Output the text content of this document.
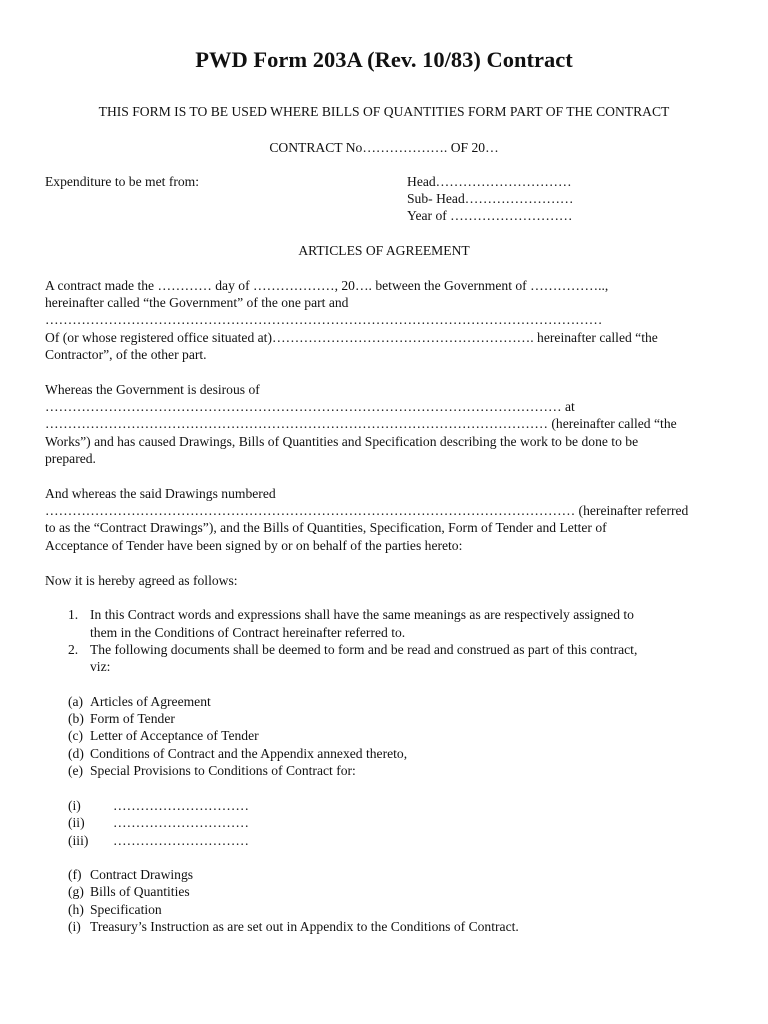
PWD Form 203A (Rev. 10/83) Contract
THIS FORM IS TO BE USED WHERE BILLS OF QUANTITIES FORM PART OF THE CONTRACT
CONTRACT No………………. OF 20…
Expenditure to be met from:	Head…………………………
Sub- Head……………………
Year of ………………………
ARTICLES OF AGREEMENT
A contract made the ………… day of ………………, 20…. between the Government of ……………..,
hereinafter called “the Government” of the one part and
……………………………………………………………………………………………………………
Of (or whose registered office situated at)…………………………………………………. hereinafter called “the
Contractor”, of the other part.
Whereas the Government is desirous of
…………………………………………………………………………………………………… at
………………………………………………………………………………………………… (hereinafter called “the
Works”) and has caused Drawings, Bills of Quantities and Specification describing the work to be done to be
prepared.
And whereas the said Drawings numbered
……………………………………………………………………………………………………… (hereinafter referred
to as the “Contract Drawings”), and the Bills of Quantities, Specification, Form of Tender and Letter of
Acceptance of Tender have been signed by or on behalf of the parties hereto:
Now it is hereby agreed as follows:
1. In this Contract words and expressions shall have the same meanings as are respectively assigned to
them in the Conditions of Contract hereinafter referred to.
2. The following documents shall be deemed to form and be read and construed as part of this contract,
viz:
(a) Articles of Agreement
(b) Form of Tender
(c) Letter of Acceptance of Tender
(d) Conditions of Contract and the Appendix annexed thereto,
(e) Special Provisions to Conditions of Contract for:
(i) …………………………
(ii) …………………………
(iii) …………………………
(f) Contract Drawings
(g) Bills of Quantities
(h) Specification
(i) Treasury’s Instruction as are set out in Appendix to the Conditions of Contract.
